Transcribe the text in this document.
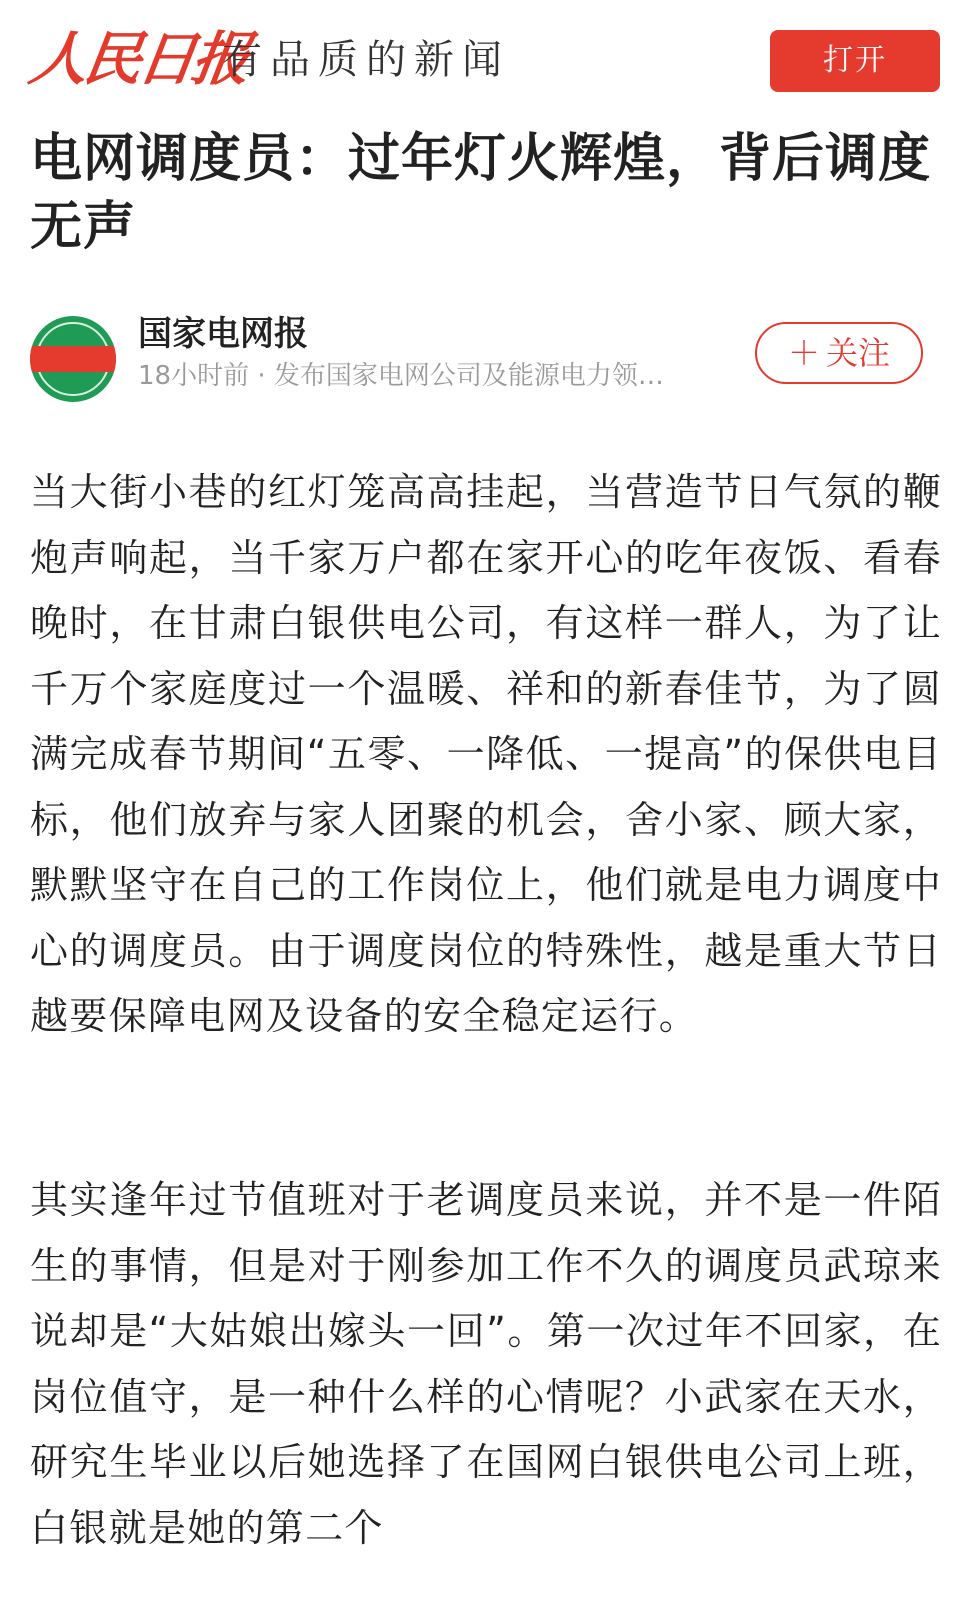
人民日报
有品质的新闻	打开
电网调度员：过年灯火辉煌，背后调度无声
国家电网报
18小时前 · 发布国家电网公司及能源电力领…
＋ 关注

当大街小巷的红灯笼高高挂起，当营造节日气氛的鞭炮声响起，当千家万户都在家开心的吃年夜饭、看春晚时，在甘肃白银供电公司，有这样一群人，为了让千万个家庭度过一个温暖、祥和的新春佳节，为了圆满完成春节期间“五零、一降低、一提高”的保供电目标，他们放弃与家人团聚的机会，舍小家、顾大家，默默坚守在自己的工作岗位上，他们就是电力调度中心的调度员。由于调度岗位的特殊性，越是重大节日越要保障电网及设备的安全稳定运行。

其实逢年过节值班对于老调度员来说，并不是一件陌生的事情，但是对于刚参加工作不久的调度员武琼来说却是“大姑娘出嫁头一回”。第一次过年不回家，在岗位值守，是一种什么样的心情呢？小武家在天水，研究生毕业以后她选择了在国网白银供电公司上班，白银就是她的第二个
